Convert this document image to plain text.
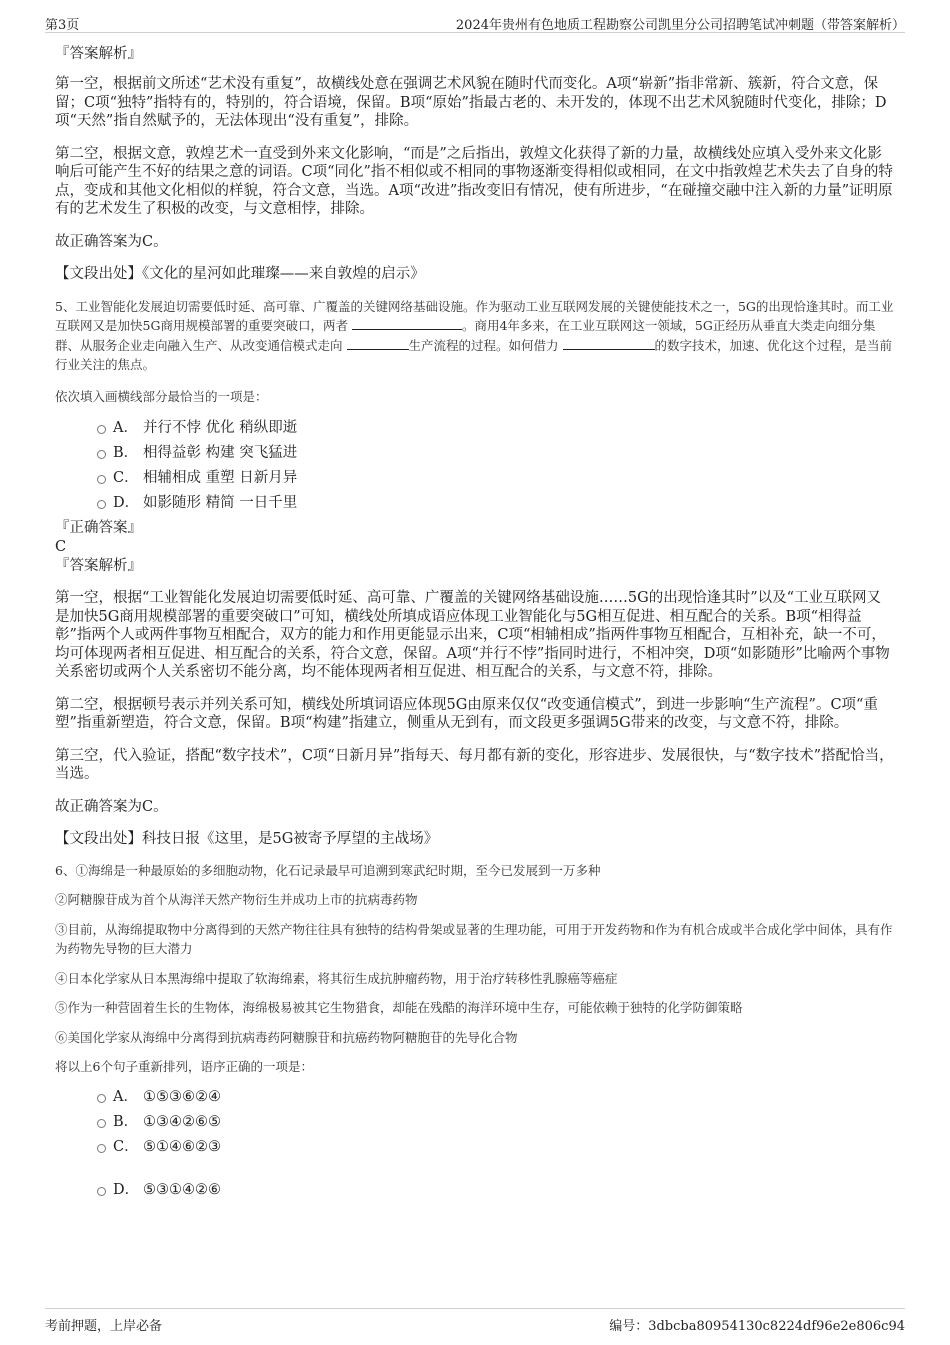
第3页	2024年贵州有色地质工程勘察公司凯里分公司招聘笔试冲刺题（带答案解析）

『答案解析』

第一空，根据前文所述“艺术没有重复”，故横线处意在强调艺术风貌在随时代而变化。A项“崭新”指非常新、簇新，符合文意，保留；C项“独特”指特有的，特别的，符合语境，保留。B项“原始”指最古老的、未开发的，体现不出艺术风貌随时代变化，排除；D项“天然”指自然赋予的，无法体现出“没有重复”，排除。

第二空，根据文意，敦煌艺术一直受到外来文化影响，“而是”之后指出，敦煌文化获得了新的力量，故横线处应填入受外来文化影响后可能产生不好的结果之意的词语。C项“同化”指不相似或不相同的事物逐渐变得相似或相同，在文中指敦煌艺术失去了自身的特点，变成和其他文化相似的样貌，符合文意，当选。A项“改进”指改变旧有情况，使有所进步，“在碰撞交融中注入新的力量”证明原有的艺术发生了积极的改变，与文意相悖，排除。

故正确答案为C。

【文段出处】《文化的星河如此璀璨——来自敦煌的启示》

5、工业智能化发展迫切需要低时延、高可靠、广覆盖的关键网络基础设施。作为驱动工业互联网发展的关键使能技术之一，5G的出现恰逢其时。而工业互联网又是加快5G商用规模部署的重要突破口，两者	。商用4年多来，在工业互联网这一领域，5G正经历从垂直大类走向细分集群、从服务企业走向融入生产、从改变通信模式走向	生产流程的过程。如何借力	的数字技术，加速、优化这个过程，是当前行业关注的焦点。

依次填入画横线部分最恰当的一项是：

A． 并行不悖 优化 稍纵即逝
B． 相得益彰 构建 突飞猛进
C． 相辅相成 重塑 日新月异
D． 如影随形 精简 一日千里

『正确答案』

C

『答案解析』

第一空，根据“工业智能化发展迫切需要低时延、高可靠、广覆盖的关键网络基础设施……5G的出现恰逢其时”以及“工业互联网又是加快5G商用规模部署的重要突破口”可知，横线处所填成语应体现工业智能化与5G相互促进、相互配合的关系。B项“相得益彰”指两个人或两件事物互相配合，双方的能力和作用更能显示出来，C项“相辅相成”指两件事物互相配合，互相补充，缺一不可，均可体现两者相互促进、相互配合的关系，符合文意，保留。A项“并行不悖”指同时进行，不相冲突，D项“如影随形”比喻两个事物关系密切或两个人关系密切不能分离，均不能体现两者相互促进、相互配合的关系，与文意不符，排除。

第二空，根据顿号表示并列关系可知，横线处所填词语应体现5G由原来仅仅“改变通信模式”，到进一步影响“生产流程”。C项“重塑”指重新塑造，符合文意，保留。B项“构建”指建立，侧重从无到有，而文段更多强调5G带来的改变，与文意不符，排除。

第三空，代入验证，搭配“数字技术”，C项“日新月异”指每天、每月都有新的变化，形容进步、发展很快，与“数字技术”搭配恰当，当选。

故正确答案为C。

【文段出处】科技日报《这里，是5G被寄予厚望的主战场》

6、①海绵是一种最原始的多细胞动物，化石记录最早可追溯到寒武纪时期，至今已发展到一万多种

②阿糖腺苷成为首个从海洋天然产物衍生并成功上市的抗病毒药物

③目前，从海绵提取物中分离得到的天然产物往往具有独特的结构骨架或显著的生理功能，可用于开发药物和作为有机合成或半合成化学中间体，具有作为药物先导物的巨大潜力

④日本化学家从日本黑海绵中提取了软海绵素，将其衍生成抗肿瘤药物，用于治疗转移性乳腺癌等癌症

⑤作为一种营固着生长的生物体，海绵极易被其它生物猎食，却能在残酷的海洋环境中生存，可能依赖于独特的化学防御策略

⑥美国化学家从海绵中分离得到抗病毒药阿糖腺苷和抗癌药物阿糖胞苷的先导化合物

将以上6个句子重新排列，语序正确的一项是：

A． ①⑤③⑥②④
B． ①③④②⑥⑤
C． ⑤①④⑥②③
D． ⑤③①④②⑥
考前押题，上岸必备	编号：3dbcba80954130c8224df96e2e806c94
